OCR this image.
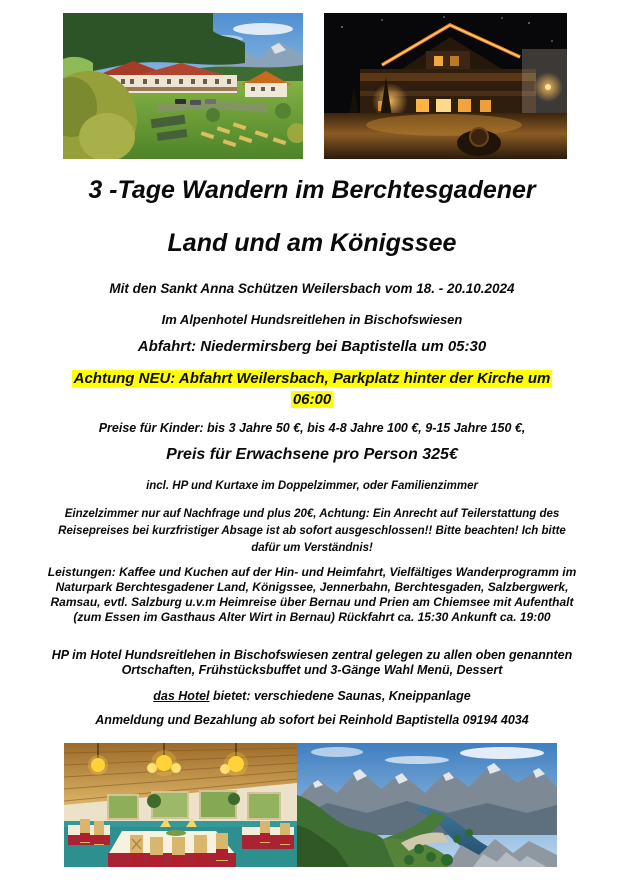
3 -Tage Wandern im Berchtesgadener
Land und am Königssee

Mit den Sankt Anna Schützen Weilersbach vom 18. - 20.10.2024

Im Alpenhotel Hundsreitlehen in Bischofswiesen

Abfahrt: Niedermirsberg bei Baptistella um 05:30

Achtung NEU: Abfahrt Weilersbach, Parkplatz hinter der Kirche um
06:00

Preise für Kinder: bis 3 Jahre 50 €, bis 4-8 Jahre 100 €, 9-15 Jahre 150 €,

Preis für Erwachsene pro Person 325€

incl. HP und Kurtaxe im Doppelzimmer, oder Familienzimmer

Einzelzimmer nur auf Nachfrage und plus 20€, Achtung: Ein Anrecht auf Teilerstattung des Reisepreises bei kurzfristiger Absage ist ab sofort ausgeschlossen!! Bitte beachten! Ich bitte dafür um Verständnis!

Leistungen: Kaffee und Kuchen auf der Hin- und Heimfahrt, Vielfältiges Wanderprogramm im Naturpark Berchtesgadener Land, Königssee, Jennerbahn, Berchtesgaden, Salzbergwerk, Ramsau, evtl. Salzburg u.v.m Heimreise über Bernau und Prien am Chiemsee mit Aufenthalt (zum Essen im Gasthaus Alter Wirt in Bernau) Rückfahrt ca. 15:30 Ankunft ca. 19:00

HP im Hotel Hundsreitlehen in Bischofswiesen zentral gelegen zu allen oben genannten Ortschaften, Frühstücksbuffet und 3-Gänge Wahl Menü, Dessert

das Hotel bietet: verschiedene Saunas, Kneippanlage

Anmeldung und Bezahlung ab sofort bei Reinhold Baptistella 09194 4034
